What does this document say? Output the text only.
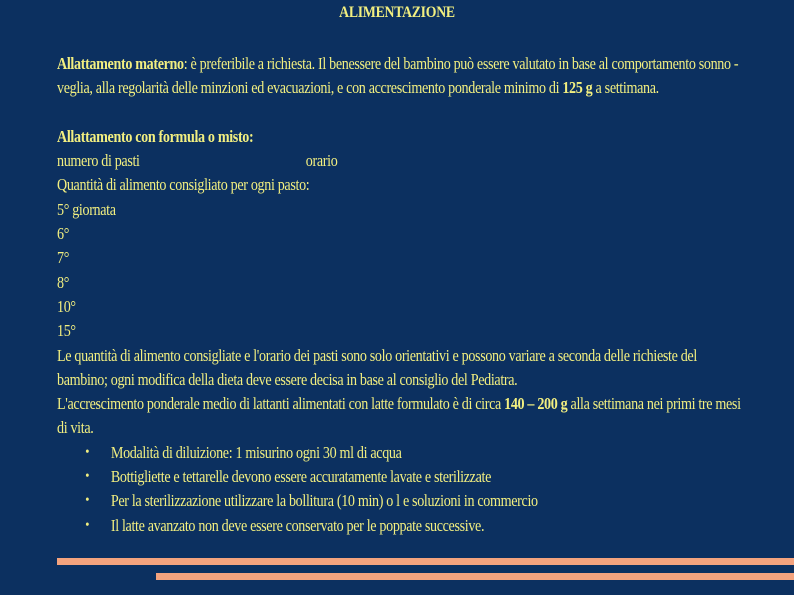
ALIMENTAZIONE
Allattamento materno: è preferibile a richiesta. Il benessere del bambino può essere valutato in base al comportamento sonno -
veglia, alla regolarità delle minzioni ed evacuazioni, e con accrescimento ponderale minimo di 125 g a settimana.
Allattamento con formula o misto:
numero di pasti	orario
Quantità di alimento consigliato per ogni pasto:
5° giornata
6°
7°
8°
10°
15°
Le quantità di alimento consigliate e l'orario dei pasti sono solo orientativi e possono variare a seconda delle richieste del
bambino; ogni modifica della dieta deve essere decisa in base al consiglio del Pediatra.
L'accrescimento ponderale medio di lattanti alimentati con latte formulato è di circa 140 – 200 g alla settimana nei primi tre mesi
di vita.
• Modalità di diluizione: 1 misurino ogni 30 ml di acqua
• Bottigliette e tettarelle devono essere accuratamente lavate e sterilizzate
• Per la sterilizzazione utilizzare la bollitura (10 min) o l e soluzioni in commercio
• Il latte avanzato non deve essere conservato per le poppate successive.
